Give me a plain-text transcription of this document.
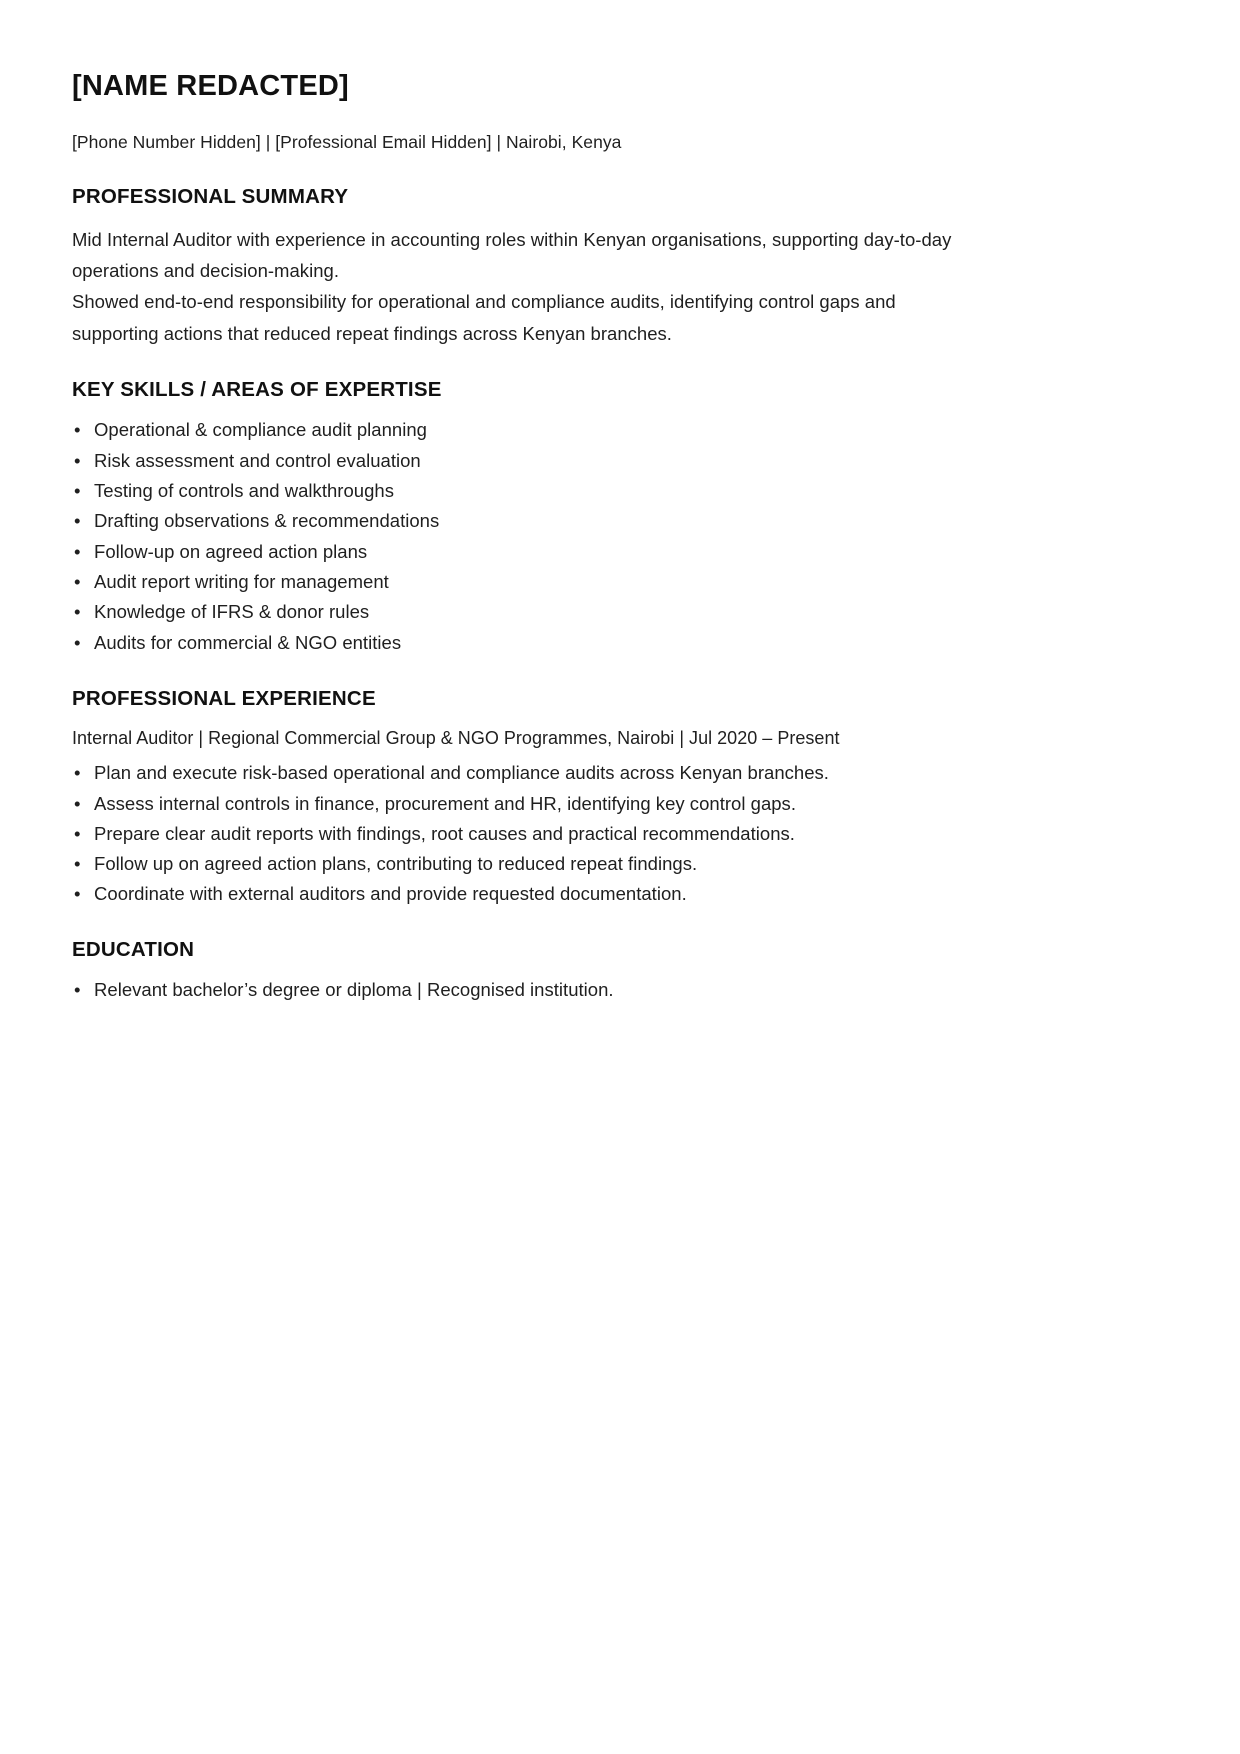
[NAME REDACTED]
[Phone Number Hidden] | [Professional Email Hidden] | Nairobi, Kenya
PROFESSIONAL SUMMARY

Mid Internal Auditor with experience in accounting roles within Kenyan organisations, supporting day-to-day operations and decision-making.

Showed end-to-end responsibility for operational and compliance audits, identifying control gaps and supporting actions that reduced repeat findings across Kenyan branches.

KEY SKILLS / AREAS OF EXPERTISE
• Operational & compliance audit planning
• Risk assessment and control evaluation
• Testing of controls and walkthroughs
• Drafting observations & recommendations
• Follow-up on agreed action plans
• Audit report writing for management
• Knowledge of IFRS & donor rules
• Audits for commercial & NGO entities
PROFESSIONAL EXPERIENCE
Internal Auditor | Regional Commercial Group & NGO Programmes, Nairobi | Jul 2020 – Present
• Plan and execute risk-based operational and compliance audits across Kenyan branches.
• Assess internal controls in finance, procurement and HR, identifying key control gaps.
• Prepare clear audit reports with findings, root causes and practical recommendations.
• Follow up on agreed action plans, contributing to reduced repeat findings.
• Coordinate with external auditors and provide requested documentation.
EDUCATION
• Relevant bachelor’s degree or diploma | Recognised institution.
